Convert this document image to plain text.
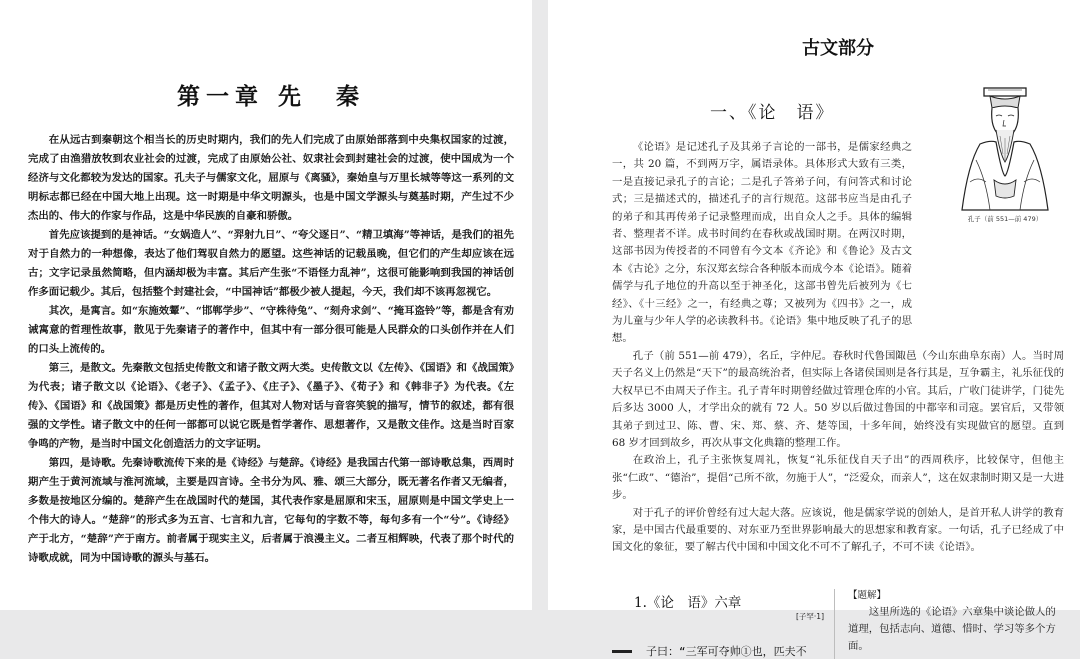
第一章 先　秦

在从远古到秦朝这个相当长的历史时期内，我们的先人们完成了由原始部落到中央集权国家的过渡，完成了由渔猎放牧到农业社会的过渡，完成了由原始公社、奴隶社会到封建社会的过渡，使中国成为一个经济与文化都较为发达的国家。孔夫子与儒家文化，屈原与《离骚》，秦始皇与万里长城等等这一系列的文明标志都已经在中国大地上出现。这一时期是中华文明源头，也是中国文学源头与奠基时期，产生过不少杰出的、伟大的作家与作品，这是中华民族的自豪和骄傲。

首先应该提到的是神话。“女娲造人”、“羿射九日”、“夸父逐日”、“精卫填海”等神话，是我们的祖先对于自然力的一种想像，表达了他们驾驭自然力的愿望。这些神话的记载虽晚，但它们的产生却应该在远古；文字记录虽然简略，但内涵却极为丰富。其后产生张“不语怪力乱神”，这很可能影响到我国的神话创作多面记载少。其后，包括整个封建社会，“中国神话”都极少被人提起，今天，我们却不该再忽视它。

其次，是寓言。如“东施效颦”、“邯郸学步”、“守株待兔”、“刻舟求剑”、“掩耳盗铃”等，都是含有劝诫寓意的哲理性故事，散见于先秦诸子的著作中，但其中有一部分很可能是人民群众的口头创作并在人们的口头上流传的。

第三，是散文。先秦散文包括史传散文和诸子散文两大类。史传散文以《左传》、《国语》和《战国策》为代表；诸子散文以《论语》、《老子》、《孟子》、《庄子》、《墨子》、《荀子》和《韩非子》为代表。《左传》、《国语》和《战国策》都是历史性的著作，但其对人物对话与音容笑貌的描写，情节的叙述，都有很强的文学性。诸子散文中的任何一部都可以说它既是哲学著作、思想著作，又是散文佳作。这是当时百家争鸣的产物，是当时中国文化创造活力的文字证明。

第四，是诗歌。先秦诗歌流传下来的是《诗经》与楚辞。《诗经》是我国古代第一部诗歌总集，西周时期产生于黄河流域与淮河流域，主要是四言诗。全书分为风、雅、颂三大部分，既无著名作者又无编者，多数是按地区分编的。楚辞产生在战国时代的楚国，其代表作家是屈原和宋玉，屈原则是中国文学史上一个伟大的诗人。“楚辞”的形式多为五言、七言和九言，它每句的字数不等，每句多有一个“兮”。《诗经》产于北方，“楚辞”产于南方。前者属于现实主义，后者属于浪漫主义。二者互相辉映，代表了那个时代的诗歌成就，同为中国诗歌的源头与基石。

古文部分
一、《论　语》
孔子（前 551—前 479）

《论语》是记述孔子及其弟子言论的一部书，是儒家经典之一，共 20 篇，不到两万字，属语录体。具体形式大致有三类，一是直接记录孔子的言论；二是孔子答弟子问，有问答式和讨论式；三是描述式的，描述孔子的言行规范。这部书应当是由孔子的弟子和其再传弟子记录整理而成，出自众人之手。具体的编辑者、整理者不详。成书时间约在春秋或战国时期。在两汉时期，这部书因为传授者的不同曾有今文本《齐论》和《鲁论》及古文本《古论》之分，东汉郑玄综合各种版本而成今本《论语》。随着儒学与孔子地位的升高以至于神圣化，这部书曾先后被列为《七经》、《十三经》之一，有经典之尊；又被列为《四书》之一，成为儿童与少年人学的必读教科书。《论语》集中地反映了孔子的思想。

孔子（前 551—前 479），名丘，字仲尼。春秋时代鲁国陬邑（今山东曲阜东南）人。当时周天子名义上仍然是“天下”的最高统治者，但实际上各诸侯国则是各行其是，互争霸主，礼乐征伐的大权早已不由周天子作主。孔子青年时期曾经做过管理仓库的小官。其后，广收门徒讲学，门徒先后多达 3000 人，才学出众的就有 72 人。50 岁以后做过鲁国的中都宰和司寇。罢官后，又带领其弟子到过卫、陈、曹、宋、郑、蔡、齐、楚等国，十多年间，始终没有实现做官的愿望。直到 68 岁才回到故乡，再次从事文化典籍的整理工作。

在政治上，孔子主张恢复周礼，恢复“礼乐征伐自天子出”的西周秩序，比较保守，但他主张“仁政”、“德治”，提倡“己所不欲，勿施于人”，“泛爱众，而亲人”，这在奴隶制时期又是一大进步。

对于孔子的评价曾经有过大起大落。应该说，他是儒家学说的创始人，是首开私人讲学的教育家，是中国古代最重要的、对东亚乃至世界影响最大的思想家和教育家。一句话，孔子已经成了中国文化的象征，要了解古代中国和中国文化不可不了解孔子，不可不读《论语》。

1.《论　语》六章
[子罕·1]
【题解】
这里所选的《论语》六章集中谈论做人的道理，包括志向、道德、惜时、学习等多个方面。
子曰：“三军可夺帅①也，匹夫不
